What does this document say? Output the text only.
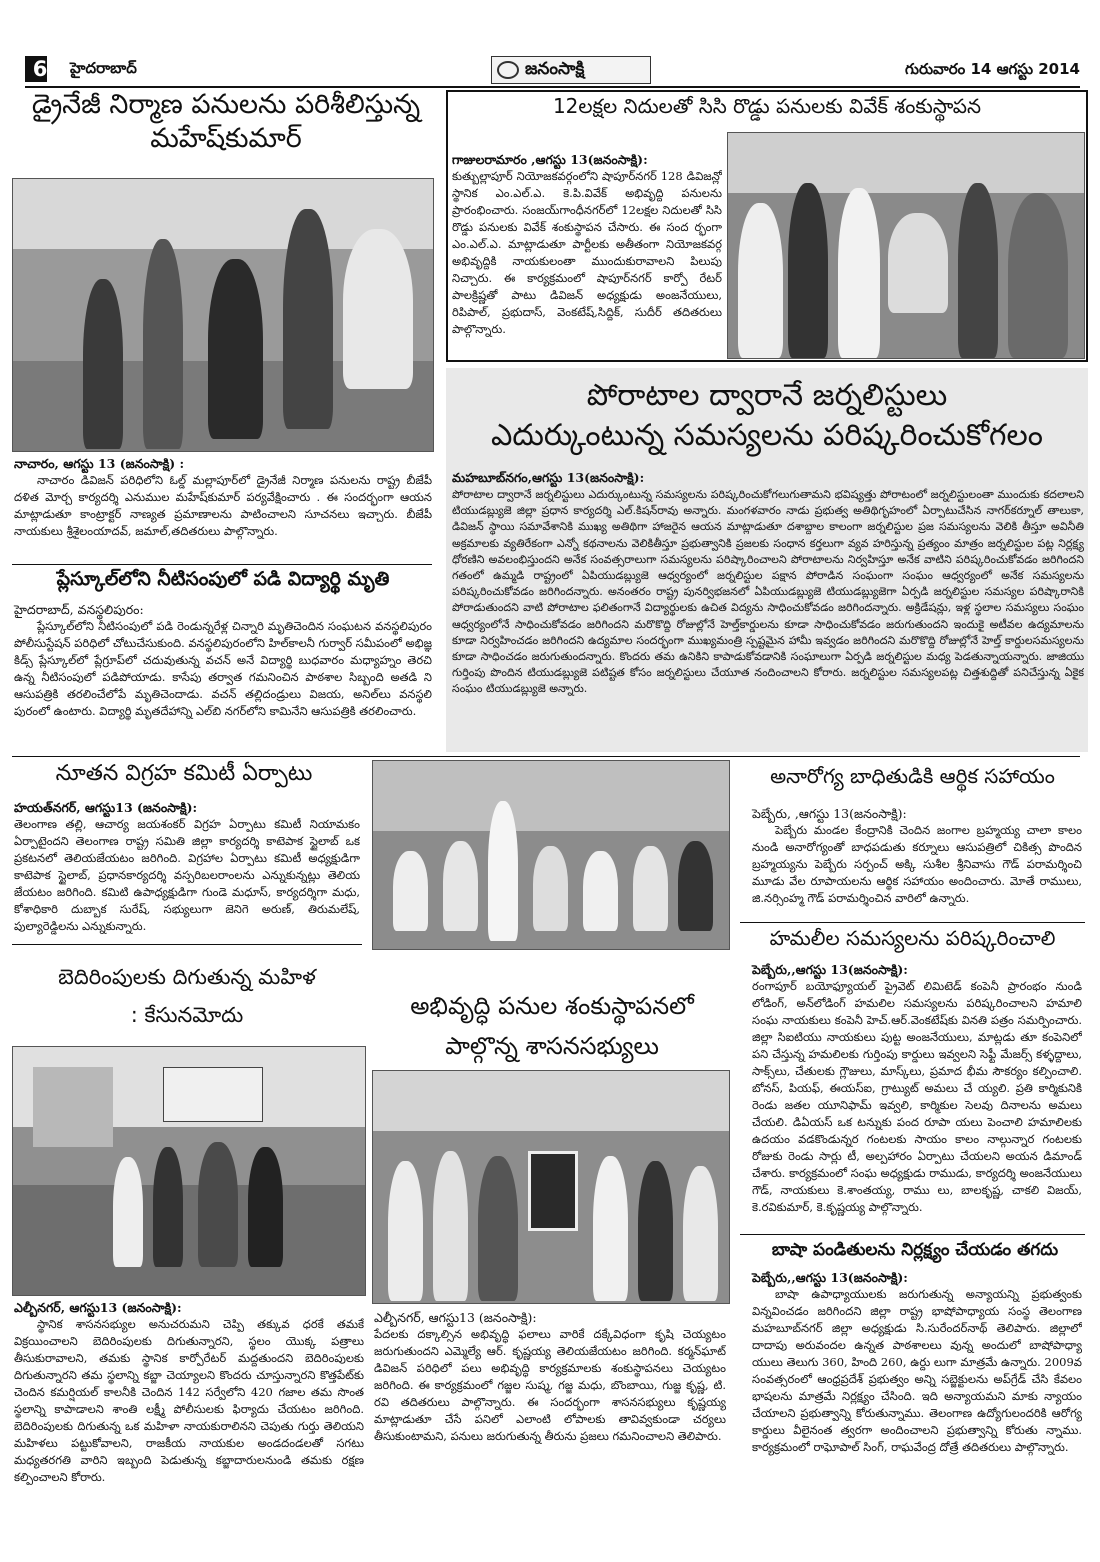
6	హైదరాబాద్	జనంసాక్షి	గురువారం 14 ఆగస్టు 2014
డ్రైనేజీ నిర్మాణ పనులను పరిశీలిస్తున్న
మహేష్‌కుమార్
నాచారం, ఆగస్టు 13 (జనంసాక్షి) :
నాచారం డివిజన్ పరిధిలోని ఓల్డ్ మల్లాపూర్‌లో డ్రైనేజీ నిర్మాణ పనులను రాష్ట్ర బీజేపీ దళిత మోర్చ కార్యదర్శి ఎనుముల మహేష్‌కుమార్ పర్యవేక్షించారు . ఈ సందర్భంగా ఆయన మాట్లాడుతూ కాంట్రాక్టర్ నాణ్యత ప్రమాణాలను పాటించాలని సూచనలు ఇచ్చారు. బీజేపీ నాయకులు శ్రీశైలంయాదవ్, జమాల్,తదితరులు పాల్గొన్నారు.
ప్లేస్కూల్‌లోని నీటిసంపులో పడి విద్యార్థి మృతి
హైదరాబాద్, వనస్థలిపురం:
ప్లేస్కూల్‌లోని నీటిసంపులో పడి రెండున్నరేళ్ల చిన్నారి మృతిచెందిన సంఘటన వనస్థలిపురం పోలీసుస్టేషన్ పరిధిలో చోటుచేసుకుంది. వనస్థలిపురంలోని హిల్‌కాలనీ గుర్వార్ సమీపంలో అభిజ్ఞ కిడ్స్ ప్లేస్కూల్‌లో ప్లేగ్రూప్‌లో చదువుతున్న వచన్ అనే విద్యార్థి బుధవారం మధ్యాహ్నం తెరచి ఉన్న నీటిసంపులో పడిపోయాడు. కాసేపు తర్వాత గమనించిన పాఠశాల సిబ్బంది అతడి ని ఆసుపత్రికి తరలించేలోపే మృతిచెందాడు. వచన్ తల్లిదండ్రులు విజయ, అనిల్‌లు వనస్థలి పురంలో ఉంటారు. విద్యార్థి మృతదేహాన్ని ఎల్‌బి నగర్‌లోని కామినేని ఆసుపత్రికి తరలించారు.
12లక్షల నిదులతో సిసి రొడ్డు పనులకు వివేక్ శంకుస్థాపన
గాజులరామారం ,ఆగస్టు 13(జనంసాక్షి):
కుత్బుల్లాపూర్ నియోజకవర్గంలోని షాపూర్‌నగర్ 128 డివిజన్లో స్థానిక ఎం.ఎల్.ఎ. కె.పి.వివేక్ అభివృద్ది పనులను ప్రారంభించారు. సంజయ్‌గాంధీనగర్‌లో 12లక్షల నిదులతో సిసి రొడ్డు పనులకు వివేక్ శంకుస్థాపన చేసారు. ఈ సంద ర్భంగా ఎం.ఎల్.ఎ. మాట్లాడుతూ పార్టీలకు అతీతంగా నియోజకవర్గ అభివృద్దికి నాయకులంతా ముందుకురావాలని పిలుపు నిచ్చారు. ఈ కార్యక్రమంలో షాపూర్‌నగర్ కార్పో రేటర్ పాలక్రిష్ణతో పాటు డివిజన్ అధ్యక్షుడు అంజనేయులు, రిపిపాల్, ప్రభుదాస్, వెంకటేష్,సిద్దిక్, సుదీర్ తదితరులు పాల్గొన్నారు.
పోరాటాల ద్వారానే జర్నలిస్టులు
ఎదుర్కుంటున్న సమస్యలను పరిష్కరించుకోగలం
మహబూబ్‌నగం,ఆగస్టు 13(జనంసాక్షి):
పోరాటాల ద్వారానే జర్నలిస్టులు ఎదుర్కుంటున్న సమస్యలను పరిష్కరించుకోగలుగుతామని భవిష్యత్తు పోరాటంలో జర్నలిస్టులంతా ముందుకు కదలాలని టియుడబ్ల్యుజె జిల్లా ప్రధాన కార్యదర్శి ఎల్.కిషన్‌రావు అన్నారు. మంగళవారం నాడు ప్రభుత్వ అతిథిగృహంలో ఏర్పాటుచేసిన నాగర్‌కర్నూల్ తాలుకా, డివిజన్ స్థాయి సమావేశానికి ముఖ్య అతిథిగా హాజరైన ఆయన మాట్లాడుతూ దశాబ్దాల కాలంగా జర్నలిస్టుల ప్రజ సమస్యలను వెలికి తీస్తూ అవినీతి అక్రమాలకు వ్యతిరేకంగా ఎన్నో కథనాలను వెలికితీస్తూ ప్రభుత్వానికి ప్రజలకు సంధాన కర్తలుగా వ్యవ హరిస్తున్న ప్రత్యంం మాత్రం జర్నలిస్టుల పట్ల నిర్లక్ష్య ధోరణిని అవలంభిస్తుందని అనేక సంవత్సరాలుగా సమస్యలను పరిష్కారించాలని పోరాటాలను నిర్వహిస్తూ అనేక వాటిని పరిష్కరించుకోవడం జరిగిందని గతంలో ఉమ్మడి రాష్ట్రంలో ఏపియుడబ్ల్యుజె ఆధ్వర్యంలో జర్నలిస్టుల పక్షాన పోరాడిన సంఘంగా సంఘం ఆధ్వర్యంలో అనేక సమస్యలను పరిష్కరించుకోవడం జరిగిందన్నారు. అనంతరం రాష్ట్ర పునర్విభజనలో ఏపియుడబ్ల్యుజె టియుడబ్ల్యుజెగా ఏర్పడి జర్నలిస్టుల సమస్యల పరిష్కారానికి పోరాడుతుందని వాటి పోరాటాల ఫలితంగానే విద్యార్థులకు ఉచిత విద్యను సాధించుకోవడం జరిగిందన్నారు. అక్రిడేషన్లు, ఇళ్ల స్థలాల సమస్యలు సంఘం ఆధ్వర్యంలోనే సాధించుకోవడం జరిగిందని మరొకొద్ది రోజుల్లోనే హెల్త్‌కార్డులను కూడా సాధించుకోవడం జరుగుతుందని ఇందుకై అటీవల ఉద్యమాలను కూడా నిర్వహించడం జరిగిందని ఉద్యమాల సందర్భంగా ముఖ్యమంత్రి స్పష్టమైన హామీ ఇవ్వడం జరిగిందని మరొకొద్ది రోజుల్లోనే హెల్త్ కార్డులసమస్యలను కూడా సాధించడం జరుగుతుందన్నారు. కొందరు తమ ఉనికిని కాపాడుకోవడానికి సంఘాలుగా ఏర్పడి జర్నలిస్టుల మధ్య పెడతున్నాయన్నారు. జాజియు గుర్తింపు పొందిన టియుడబ్ల్యుజె పటిష్టత కోసం జర్నలిస్టులు చేయూత నందించాలని కోరారు. జర్నలిస్టుల సమస్యలపట్ల చిత్తశుద్దితో పనిచేస్తున్న ఏకైక సంఘం టియుడబ్ల్యుజె అన్నారు.
నూతన విగ్రహ కమిటీ ఏర్పాటు
హయత్‌నగర్, ఆగస్టు13 (జనంసాక్షి):
తెలంగాణ తల్లి, ఆచార్య జయశంకర్ విగ్రహ ఏర్పాటు కమిటీ నియామకం ఏర్పాటైందని తెలంగాణ రాష్ట్ర సమితి జిల్లా కార్యదర్శి కాటెపాక స్టైలాబ్ ఒక ప్రకటనలో తెలియజేయటం జరిగింది. విగ్రహాల ఏర్పాటు కమిటీ అధ్యక్షుడిగా కాటెపాక స్టైలాబ్, ప్రధానకార్యదర్శి వస్పరిబలరాంలను ఎన్నుకున్నట్లు తెలియ జేయటం జరిగింది. కమిటి ఉపాధ్యక్షుడిగా గుండె మధూస్, కార్యదర్శిగా మధు, కోశాధికారి దుబ్బాక సురేష్, సభ్యులుగా జెనిగె అరుణ్, తిరుమలేష్, పుల్యారెడ్డిలను ఎన్నుకున్నారు.
అనారోగ్య బాధితుడికి ఆర్థిక సహాయం
పెబ్బేరు, ,ఆగస్టు 13(జనంసాక్షి):
పెబ్బేరు మండల కేంద్రానికి చెందిన జంగాల బ్రహ్మయ్య చాలా కాలం నుండి అనారోగ్యంతో బాధపడుతు కర్నూలు ఆసుపత్రిలో చికిత్స పొందిన బ్రహ్మయ్యను పెబ్బేరు సర్పంచ్ అక్కి సుశీల శ్రీనివాసు గౌడ్ పరామర్శించి మూడు వేల రూపాయలను ఆర్థిక సహాయం అందించారు. మోతే రాములు, జి.నర్సింహ్మ గౌడ్ పరామర్శించిన వారిలో ఉన్నారు.
హమలీల సమస్యలను పరిష్కరించాలి
పెబ్బేరు,,ఆగస్టు 13(జనంసాక్షి):
రంగాపూర్ బయోఫ్యూయల్ ప్రైవెట్ లిమిటెడ్ కంపెనీ ప్రారంభం నుండి లోడింగ్, అన్‌లోడింగ్ హమలిల సమస్యలను పరిష్కరించాలని హమాలి సంఘ నాయకులు కంపెనీ హెచ్.ఆర్.వెంకటేష్‌కు వినతి పత్రం సమర్పించారు. జిల్లా సిఐటియు నాయకులు పుట్ట అంజనేయులు, మాట్లడు తూ కంపెనిలో పని చేస్తున్న హమలిలకు గుర్తింపు కార్డులు ఇవ్వలని సెఫ్టీ మేజర్స్ కళ్ళద్దాలు, సాక్స్‌లు, చేతులకు గ్లౌజులు, మాస్క్‌లు, ప్రమాద భీమ సౌకర్యం కల్పించాలి. బోనస్, పియఫ్, ఈయస్ఐ, గ్రాట్యుట్ అమలు చే య్యలి. ప్రతి కార్మికునికి రెండు జతల యూనిఫామ్ ఇవ్వలి, కార్మికుల సెలవు దినాలను అమలు చేయలి. డిఏయస్ ఒక టన్నుకు పంద రూపా యలు పెంచాలి హమాలిలకు ఉదయం వడకొండున్నర గంటలకు సాయం కాలం నాల్గున్నార గంటలకు రోజుకు రెండు సార్లు టీ, అల్పహారం ఏర్పాటు చేయలని అయన డిమాండ్ చేశారు. కార్యక్రమంలో సంఘ అధ్యక్షుడు రాముడు, కార్యదర్శి అంజనేయులు గౌడ్, నాయకులు కె.శాంతయ్య, రాము లు, బాలకృష్ణ, చాకలి విజయ్, కె.రవికుమార్, కె.కృష్ణయ్య పాల్గొన్నారు.
బాషా పండితులను నిర్లక్ష్యం చేయడం తగదు
పెబ్బేరు,,ఆగస్టు 13(జనంసాక్షి):
బాషా ఉపాధ్యాయులకు జరుగుతున్న అన్యాయన్ని ప్రభుత్వంకు విన్నవించడం జరిగిందని జిల్లా రాష్ట్ర భాషోపాధ్యాయ సంస్థ తెలంగాణ మహబూబ్‌నగర్ జిల్లా అధ్యక్షుడు సి.సురేందర్‌నాథ్ తెలిపారు. జిల్లాలో దాదాపు అరువందల ఉన్నత పాఠశాలలు వున్న అందులో బాషోపాధ్యా యులు తెలుగు 360, హింది 260, ఉర్దు లుగా మాత్రమే ఉన్నారు. 2009వ సంవత్సరంలో ఆంధ్రప్రదేశ్ ప్రభుత్వం అన్ని సబ్జెక్టులను అప్‌గ్రేడ్ చేసి కేవలం భాషలను మాత్రమే నిర్లక్ష్యం చేసింది. ఇది అన్యాయమని మాకు న్యాయం చేయాలని ప్రభుత్వాన్ని కోరుతున్నాము. తెలంగాణ ఉద్యోగులందరికి ఆరోగ్య కార్డులు వీలైనంత త్వరగా అందించాలని ప్రభుత్వాన్ని కోరుతు న్నాము. కార్యక్రమంలో రాఘోపాల్ సింగ్, రాఘవేంద్ర దోత్రే తదితరులు పాల్గొన్నారు.
బెదిరింపులకు దిగుతున్న మహిళ
: కేసునమోదు
ఎల్బీనగర్, ఆగస్టు13 (జనంసాక్షి):
స్థానిక శాసనసభ్యుల అనుచరుమని చెప్పి తక్కువ ధరకే తమకే విక్రయించాలని బెదిరింపులకు దిగుతున్నారని, స్థలం యొక్క పత్రాలు తీసుకురావాలని, తమకు స్థానిక కార్పోరేటర్ మద్దతుందని బెదిరింపులకు దిగుతున్నారని తమ స్థలాన్ని కబ్జా చెయ్యాలని కొందరు చూస్తున్నారని కొత్తపేట్‌కు చెందిన కమర్షియల్ కాలనీకి చెందిన 142 సర్వేలోని 420 గజాల తమ సొంత స్థలాన్ని కాపాడాలని శాంతి లక్ష్మీ పోలీసులకు ఫిర్యాదు చేయటం జరిగింది. బెదిరింపులకు దిగుతున్న ఒక మహిళా నాయకురాలినని చెపుతు గుర్తు తెలియని మహిళలు పట్టుకోవాలని, రాజకీయ నాయకుల అండదండలతో సగటు మధ్యతరగతి వారిని ఇబ్బంది పెడుతున్న కబ్జాదారులనుండి తమకు రక్షణ కల్పించాలని కోరారు.
అభివృద్ధి పనుల శంకుస్థాపనలో
పాల్గొన్న శాసనసభ్యులు
ఎల్బీనగర్, ఆగస్టు13 (జనంసాక్షి):
పేదలకు దక్కాల్సిన అభివృద్ధి ఫలాలు వారికే దక్కేవిధంగా కృషి చెయ్యటం జరుగుతుందని ఎమ్మెల్యే ఆర్. కృష్ణయ్య తెలియజేయటం జరిగింది. కర్మన్‌ఘాట్ డివిజన్ పరిధిలో పలు అభివృద్ధి కార్యక్రమాలకు శంకుస్థాపనలు చెయ్యటం జరిగింది. ఈ కార్యక్రమంలో గజ్జల సుష్మ, గజ్జ మధు, బొంబాయి, గుజ్జ కృష్ణ, టి. రవి తదితరులు పాల్గొన్నారు. ఈ సందర్భంగా శాసనసభ్యులు కృష్ణయ్య మాట్లాడుతూ చేసే పనిలో ఎలాంటి లోపాలకు తావివ్వకుండా చర్యలు తీసుకుంటామని, పనులు జరుగుతున్న తీరును ప్రజలు గమనించాలని తెలిపారు.
